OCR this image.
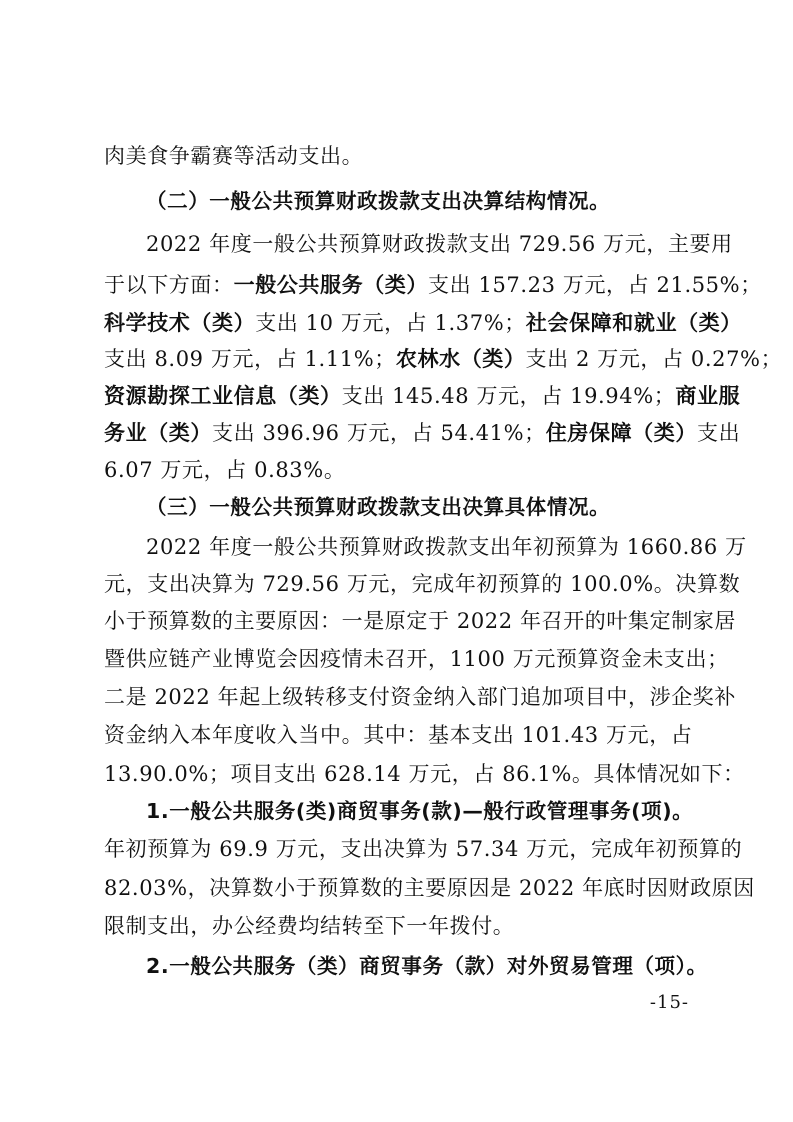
肉美食争霸赛等活动支出。
（二）一般公共预算财政拨款支出决算结构情况。
2022 年度一般公共预算财政拨款支出 729.56 万元，主要用
于以下方面：一般公共服务（类）支出 157.23 万元，占 21.55%；
科学技术（类）支出 10 万元，占 1.37%；社会保障和就业（类）
支出 8.09 万元，占 1.11%；农林水（类）支出 2 万元，占 0.27%；
资源勘探工业信息（类）支出 145.48 万元，占 19.94%；商业服
务业（类）支出 396.96 万元，占 54.41%；住房保障（类）支出
6.07 万元，占 0.83%。
（三）一般公共预算财政拨款支出决算具体情况。
2022 年度一般公共预算财政拨款支出年初预算为 1660.86 万
元，支出决算为 729.56 万元，完成年初预算的 100.0%。决算数
小于预算数的主要原因：一是原定于 2022 年召开的叶集定制家居
暨供应链产业博览会因疫情未召开，1100 万元预算资金未支出；
二是 2022 年起上级转移支付资金纳入部门追加项目中，涉企奖补
资金纳入本年度收入当中。其中：基本支出 101.43 万元，占
13.90.0%；项目支出 628.14 万元，占 86.1%。具体情况如下：
1.一般公共服务(类)商贸事务(款)—般行政管理事务(项)。
年初预算为 69.9 万元，支出决算为 57.34 万元，完成年初预算的
82.03%，决算数小于预算数的主要原因是 2022 年底时因财政原因
限制支出，办公经费均结转至下一年拨付。
2.一般公共服务（类）商贸事务（款）对外贸易管理（项）。
-15-
